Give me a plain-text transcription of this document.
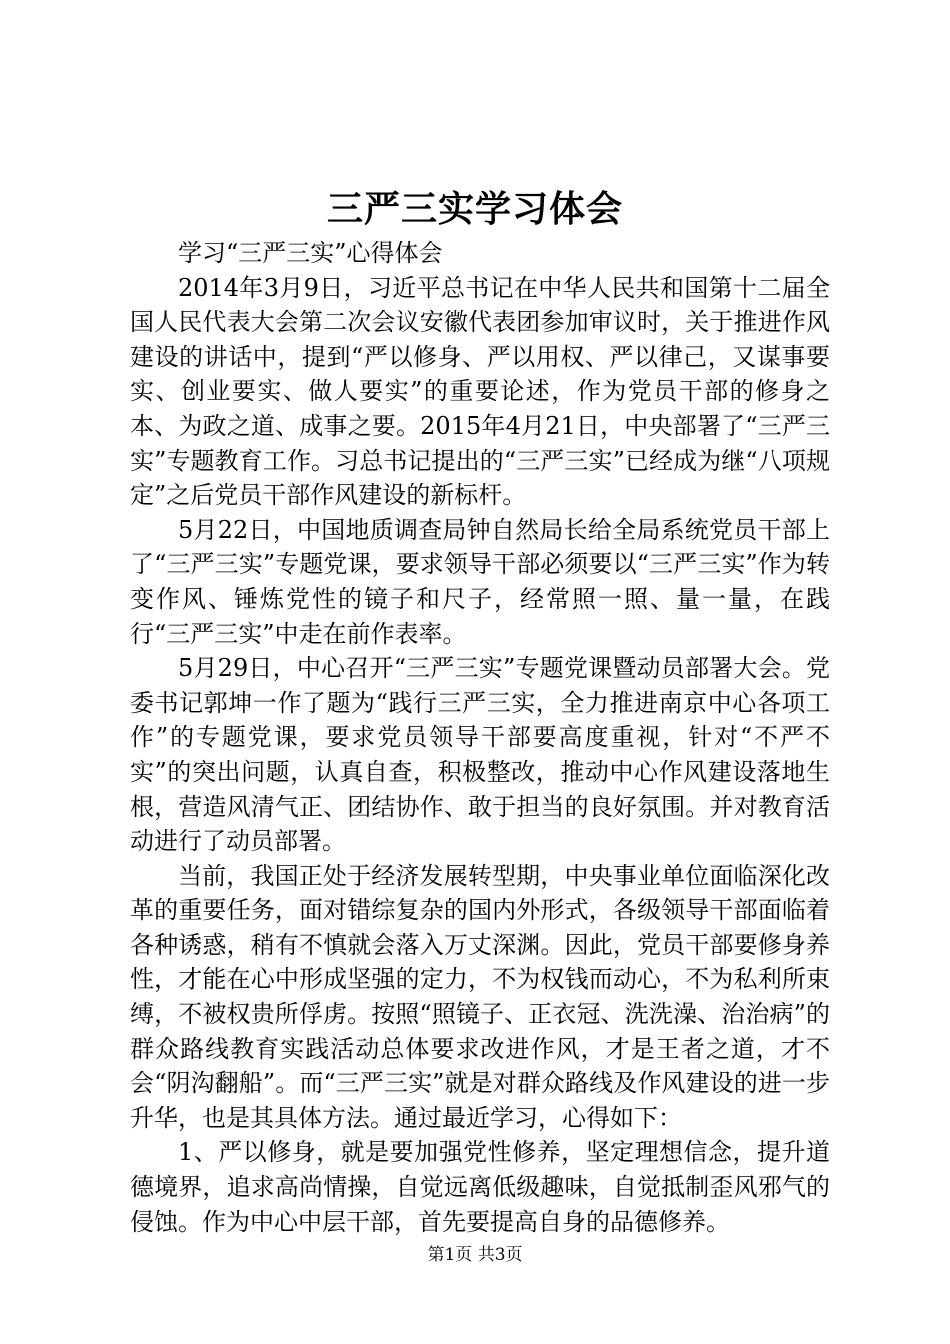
三严三实学习体会

学习“三严三实”心得体会

2014年3月9日，习近平总书记在中华人民共和国第十二届全国人民代表大会第二次会议安徽代表团参加审议时，关于推进作风建设的讲话中，提到“严以修身、严以用权、严以律己，又谋事要实、创业要实、做人要实”的重要论述，作为党员干部的修身之本、为政之道、成事之要。2015年4月21日，中央部署了“三严三实”专题教育工作。习总书记提出的“三严三实”已经成为继“八项规定”之后党员干部作风建设的新标杆。

5月22日，中国地质调查局钟自然局长给全局系统党员干部上了“三严三实”专题党课，要求领导干部必须要以“三严三实”作为转变作风、锤炼党性的镜子和尺子，经常照一照、量一量，在践行“三严三实”中走在前作表率。

5月29日，中心召开“三严三实”专题党课暨动员部署大会。党委书记郭坤一作了题为“践行三严三实，全力推进南京中心各项工作”的专题党课，要求党员领导干部要高度重视，针对“不严不实”的突出问题，认真自查，积极整改，推动中心作风建设落地生根，营造风清气正、团结协作、敢于担当的良好氛围。并对教育活动进行了动员部署。

当前，我国正处于经济发展转型期，中央事业单位面临深化改革的重要任务，面对错综复杂的国内外形式，各级领导干部面临着各种诱惑，稍有不慎就会落入万丈深渊。因此，党员干部要修身养性，才能在心中形成坚强的定力，不为权钱而动心，不为私利所束缚，不被权贵所俘虏。按照“照镜子、正衣冠、洗洗澡、治治病”的群众路线教育实践活动总体要求改进作风，才是王者之道，才不会“阴沟翻船”。而“三严三实”就是对群众路线及作风建设的进一步升华，也是其具体方法。通过最近学习，心得如下：

1、严以修身，就是要加强党性修养，坚定理想信念，提升道德境界，追求高尚情操，自觉远离低级趣味，自觉抵制歪风邪气的侵蚀。作为中心中层干部，首先要提高自身的品德修养。

第1页 共3页
